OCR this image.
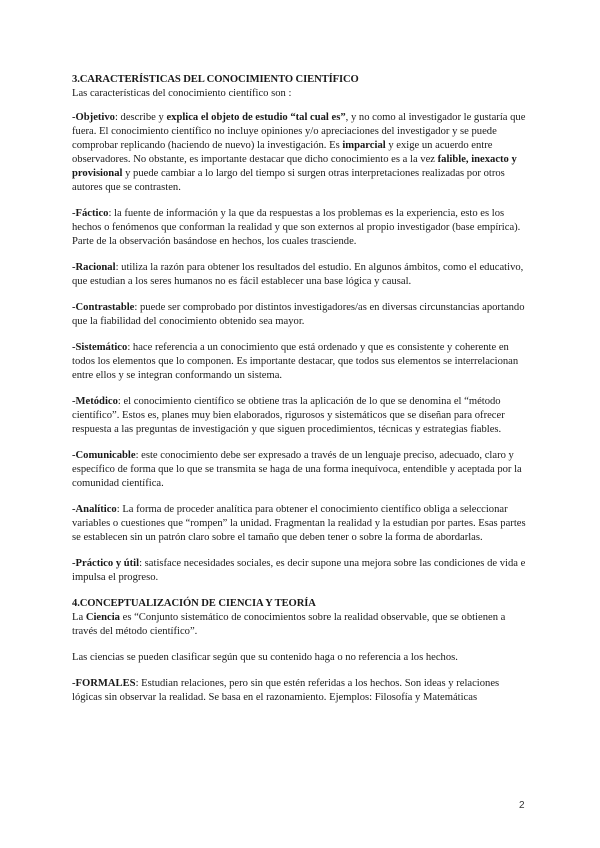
3.CARACTERÍSTICAS DEL CONOCIMIENTO CIENTÍFICO

Las características del conocimiento científico son :

-Objetivo: describe y explica el objeto de estudio “tal cual es”, y no como al investigador le gustaría que fuera. El conocimiento científico no incluye opiniones y/o apreciaciones del investigador y se puede comprobar replicando (haciendo de nuevo) la investigación. Es imparcial y exige un acuerdo entre observadores. No obstante, es importante destacar que dicho conocimiento es a la vez falible, inexacto y provisional y puede cambiar a lo largo del tiempo si surgen otras interpretaciones realizadas por otros autores que se contrasten.

-Fáctico: la fuente de información y la que da respuestas a los problemas es la experiencia, esto es los hechos o fenómenos que conforman la realidad y que son externos al propio investigador (base empírica). Parte de la observación basándose en hechos, los cuales trasciende.

-Racional: utiliza la razón para obtener los resultados del estudio. En algunos ámbitos, como el educativo, que estudian a los seres humanos no es fácil establecer una base lógica y causal.

-Contrastable: puede ser comprobado por distintos investigadores/as en diversas circunstancias aportando que la fiabilidad del conocimiento obtenido sea mayor.

-Sistemático: hace referencia a un conocimiento que está ordenado y que es consistente y coherente en todos los elementos que lo componen. Es importante destacar, que todos sus elementos se interrelacionan entre ellos y se integran conformando un sistema.

-Metódico: el conocimiento científico se obtiene tras la aplicación de lo que se denomina el “método científico”. Estos es, planes muy bien elaborados, rigurosos y sistemáticos que se diseñan para ofrecer respuesta a las preguntas de investigación y que siguen procedimientos, técnicas y estrategias fiables.

-Comunicable: este conocimiento debe ser expresado a través de un lenguaje preciso, adecuado, claro y específico de forma que lo que se transmita se haga de una forma inequívoca, entendible y aceptada por la comunidad científica.

-Analítico: La forma de proceder analítica para obtener el conocimiento científico obliga a seleccionar variables o cuestiones que “rompen” la unidad. Fragmentan la realidad y la estudian por partes. Esas partes se establecen sin un patrón claro sobre el tamaño que deben tener o sobre la forma de abordarlas.

-Práctico y útil: satisface necesidades sociales, es decir supone una mejora sobre las condiciones de vida e impulsa el progreso.

4.CONCEPTUALIZACIÓN DE CIENCIA Y TEORÍA

La Ciencia es “Conjunto sistemático de conocimientos sobre la realidad observable, que se obtienen a través del método científico”.

Las ciencias se pueden clasificar según que su contenido haga o no referencia a los hechos.

-FORMALES: Estudian relaciones, pero sin que estén referidas a los hechos. Son ideas y relaciones lógicas sin observar la realidad. Se basa en el razonamiento. Ejemplos: Filosofía y Matemáticas

2
